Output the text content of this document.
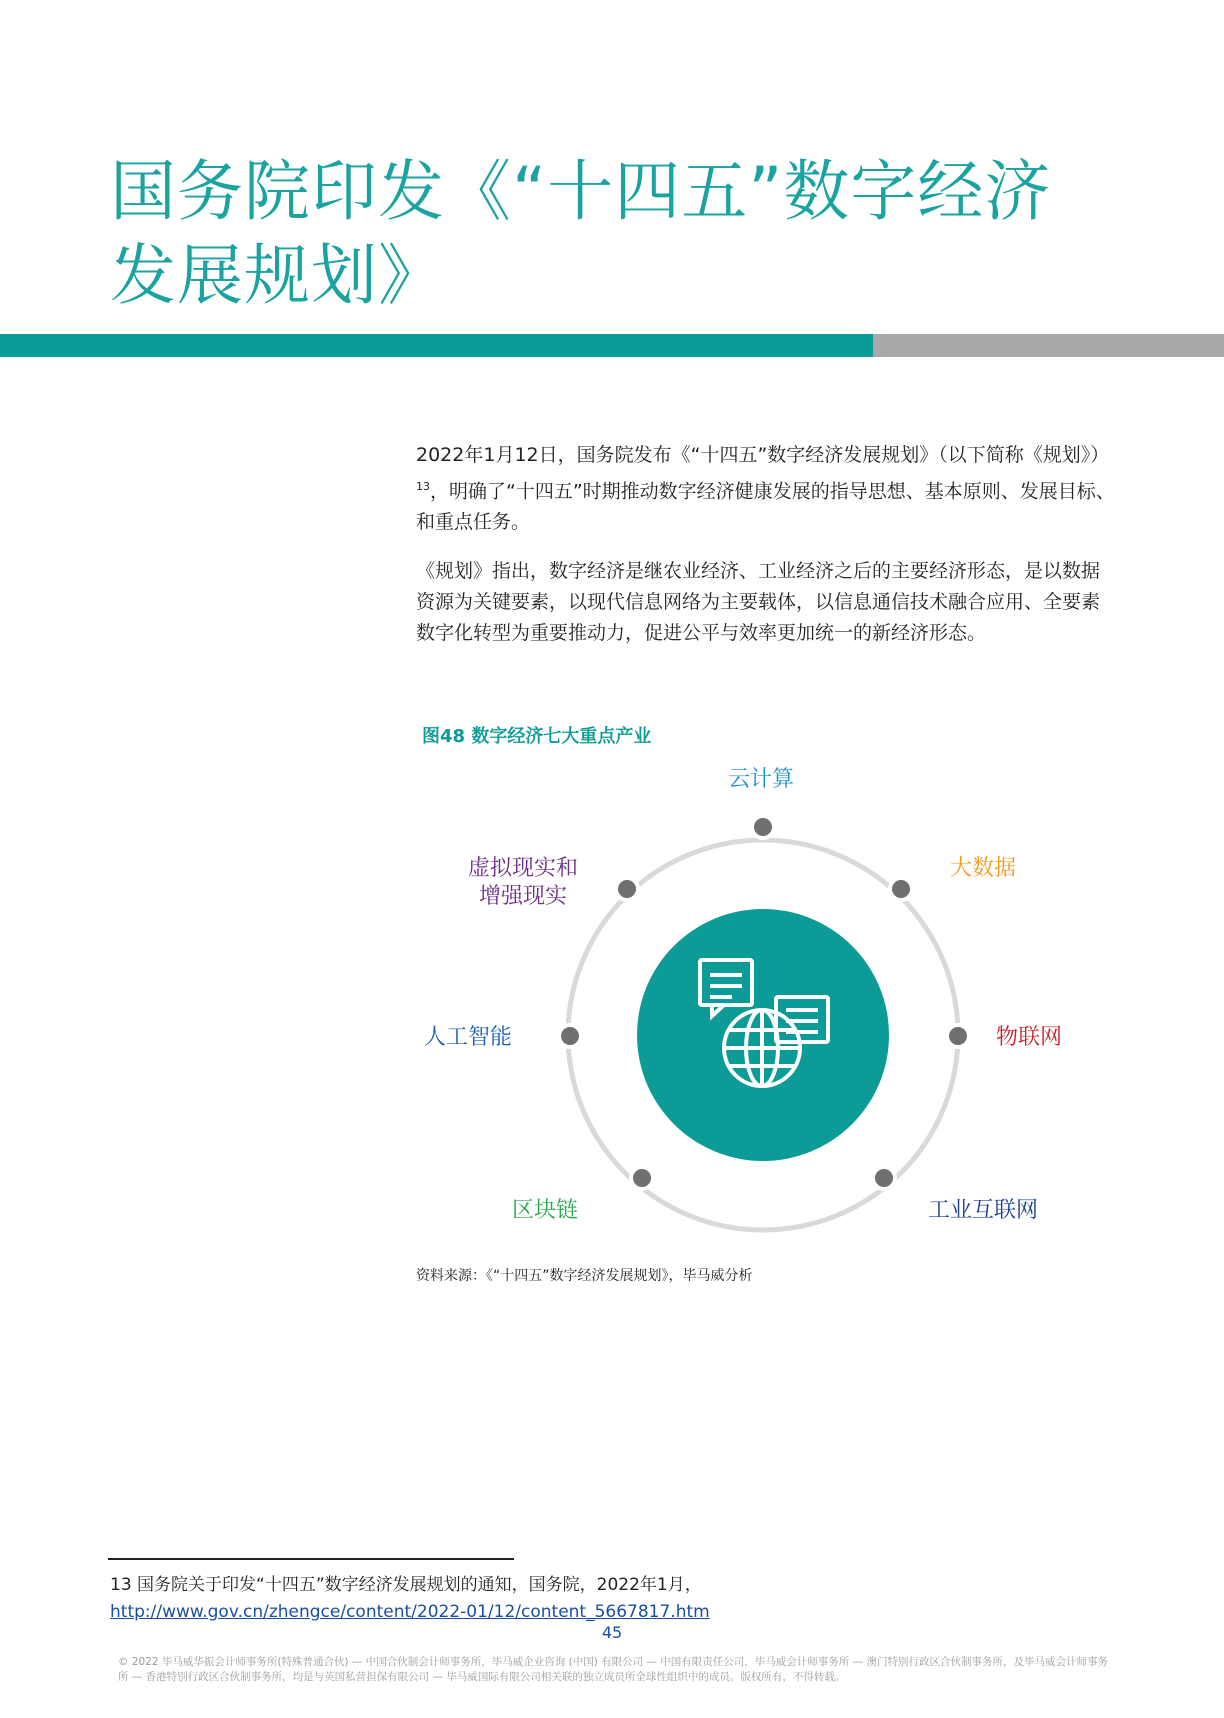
国务院印发《“十四五”数字经济
发展规划》

2022年1月12日，国务院发布《“十四五”数字经济发展规划》（以下简称《规划》）$^{13}$，明确了“十四五”时期推动数字经济健康发展的指导思想、基本原则、发展目标、和重点任务。

《规划》指出，数字经济是继农业经济、工业经济之后的主要经济形态，是以数据资源为关键要素，以现代信息网络为主要载体，以信息通信技术融合应用、全要素数字化转型为重要推动力，促进公平与效率更加统一的新经济形态。

图48 数字经济七大重点产业
云计算
大数据
物联网
工业互联网
区块链
人工智能
虚拟现实和
增强现实
资料来源：《“十四五”数字经济发展规划》，毕马威分析
13 国务院关于印发“十四五”数字经济发展规划的通知，国务院，2022年1月，
http://www.gov.cn/zhengce/content/2022-01/12/content_5667817.htm
45
© 2022 毕马威华振会计师事务所(特殊普通合伙) — 中国合伙制会计师事务所，毕马威企业咨询 (中国) 有限公司 — 中国有限责任公司，毕马威会计师事务所 — 澳门特别行政区合伙制事务所，及毕马威会计师事务所 — 香港特别行政区合伙制事务所，均是与英国私营担保有限公司 — 毕马威国际有限公司相关联的独立成员所全球性组织中的成员。版权所有，不得转载。
